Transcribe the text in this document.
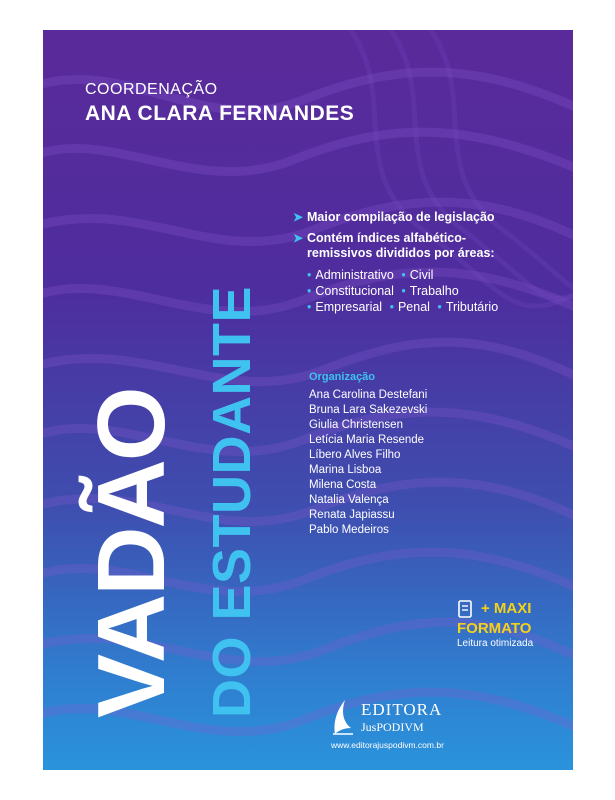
COORDENAÇÃO
ANA CLARA FERNANDES
VADÃO DO ESTUDANTE
➤ Maior compilação de legislação
➤ Contém índices alfabético-remissivos divididos por áreas:
• Administrativo • Civil
• Constitucional • Trabalho
• Empresarial • Penal • Tributário
Organização
Ana Carolina Destefani
Bruna Lara Sakezevski
Giulia Christensen
Letícia Maria Resende
Líbero Alves Filho
Marina Lisboa
Milena Costa
Natalia Valença
Renata Japiassu
Pablo Medeiros
+ MAXI
FORMATO
Leitura otimizada
EDITORA
JusPODIVM
www.editorajuspodivm.com.br
